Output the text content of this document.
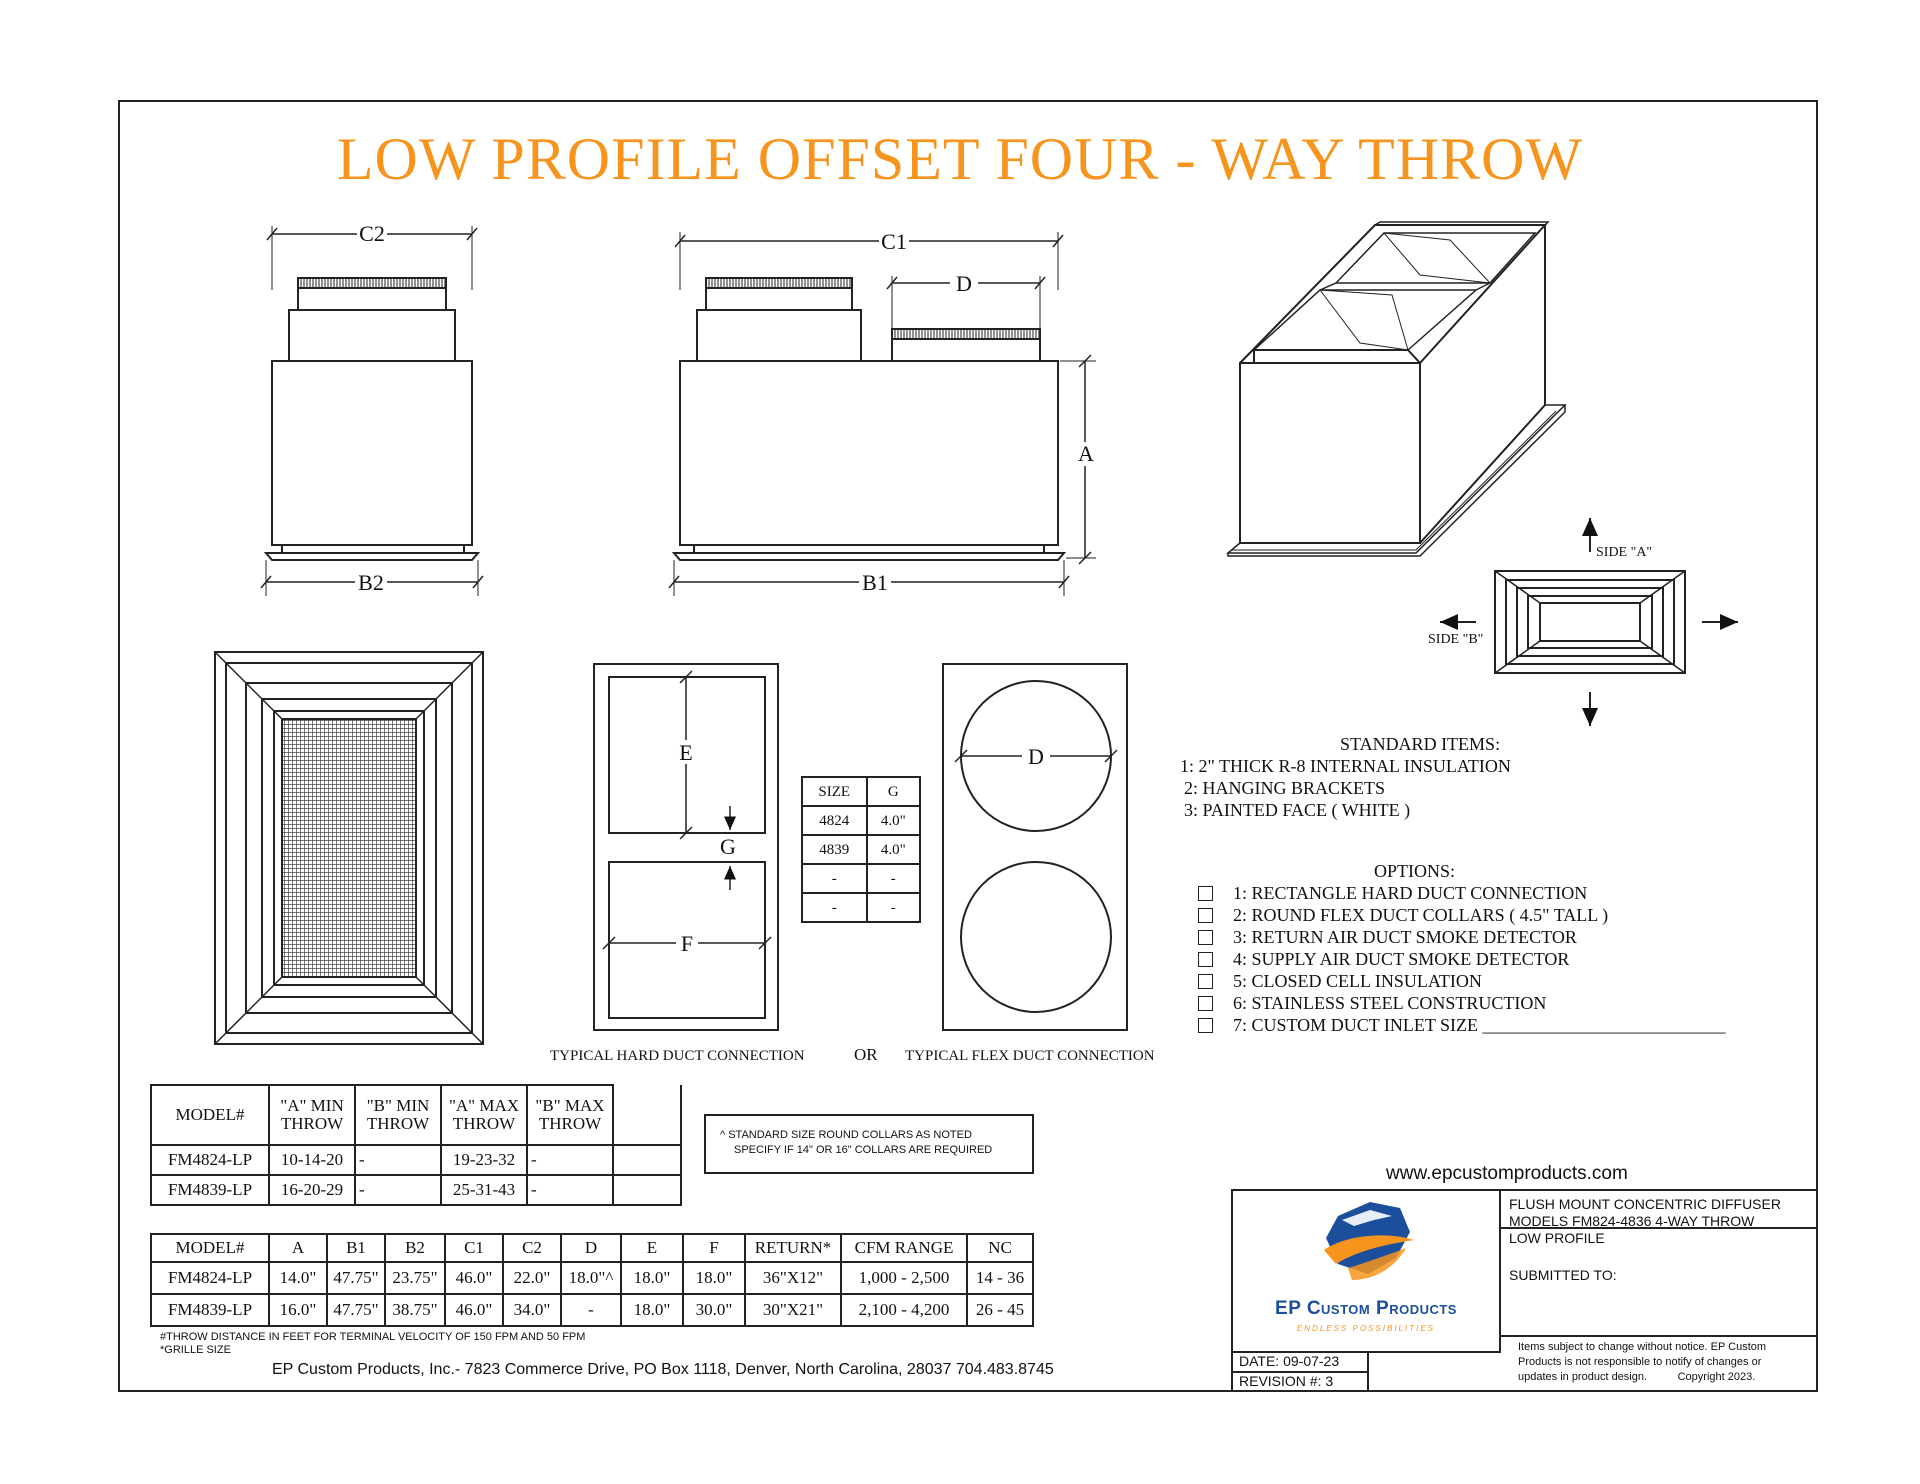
LOW PROFILE OFFSET FOUR - WAY THROW
C2
B2
C1
D
A
B1
E
F
G
D
SIDE "A"
SIDE "B"
TYPICAL HARD DUCT CONNECTION	OR TYPICAL FLEX DUCT CONNECTION
SIZE	G
4824	4.0"
4839	4.0"
-	-
-	-
STANDARD ITEMS:
1: 2" THICK R-8 INTERNAL INSULATION
2: HANGING BRACKETS
3: PAINTED FACE ( WHITE )
OPTIONS:
1: RECTANGLE HARD DUCT CONNECTION
2: ROUND FLEX DUCT COLLARS ( 4.5" TALL )
3: RETURN AIR DUCT SMOKE DETECTOR
4: SUPPLY AIR DUCT SMOKE DETECTOR
5: CLOSED CELL INSULATION
6: STAINLESS STEEL CONSTRUCTION
7: CUSTOM DUCT INLET SIZE ___________________________
MODEL#	"A" MIN THROW	"B" MIN THROW	"A" MAX THROW	"B" MAX THROW	
FM4824-LP	10-14-20	-	19-23-32	-	
FM4839-LP	16-20-29	-	25-31-43	-	
^ STANDARD SIZE ROUND COLLARS AS NOTED
SPECIFY IF 14" OR 16" COLLARS ARE REQUIRED
MODEL#	A	B1	B2	C1	C2	D	E	F	RETURN*	CFM RANGE	NC
FM4824-LP	14.0"	47.75"	23.75"	46.0"	22.0"	18.0"^	18.0"	18.0"	36"X12"	1,000 - 2,500	14 - 36
FM4839-LP	16.0"	47.75"	38.75"	46.0"	34.0"	-	18.0"	30.0"	30"X21"	2,100 - 4,200	26 - 45
#THROW DISTANCE IN FEET FOR TERMINAL VELOCITY OF 150 FPM AND 50 FPM
*GRILLE SIZE
EP Custom Products, Inc.- 7823 Commerce Drive, PO Box 1118, Denver, North Carolina, 28037 704.483.8745
www.epcustomproducts.com
FLUSH MOUNT CONCENTRIC DIFFUSER
MODELS FM824-4836 4-WAY THROW
LOW PROFILE
SUBMITTED TO:
EP Custom Products
ENDLESS POSSIBILITIES
DATE: 09-07-23
REVISION #: 3
Items subject to change without notice. EP Custom
Products is not responsible to notify of changes or
updates in product design.          Copyright 2023.
